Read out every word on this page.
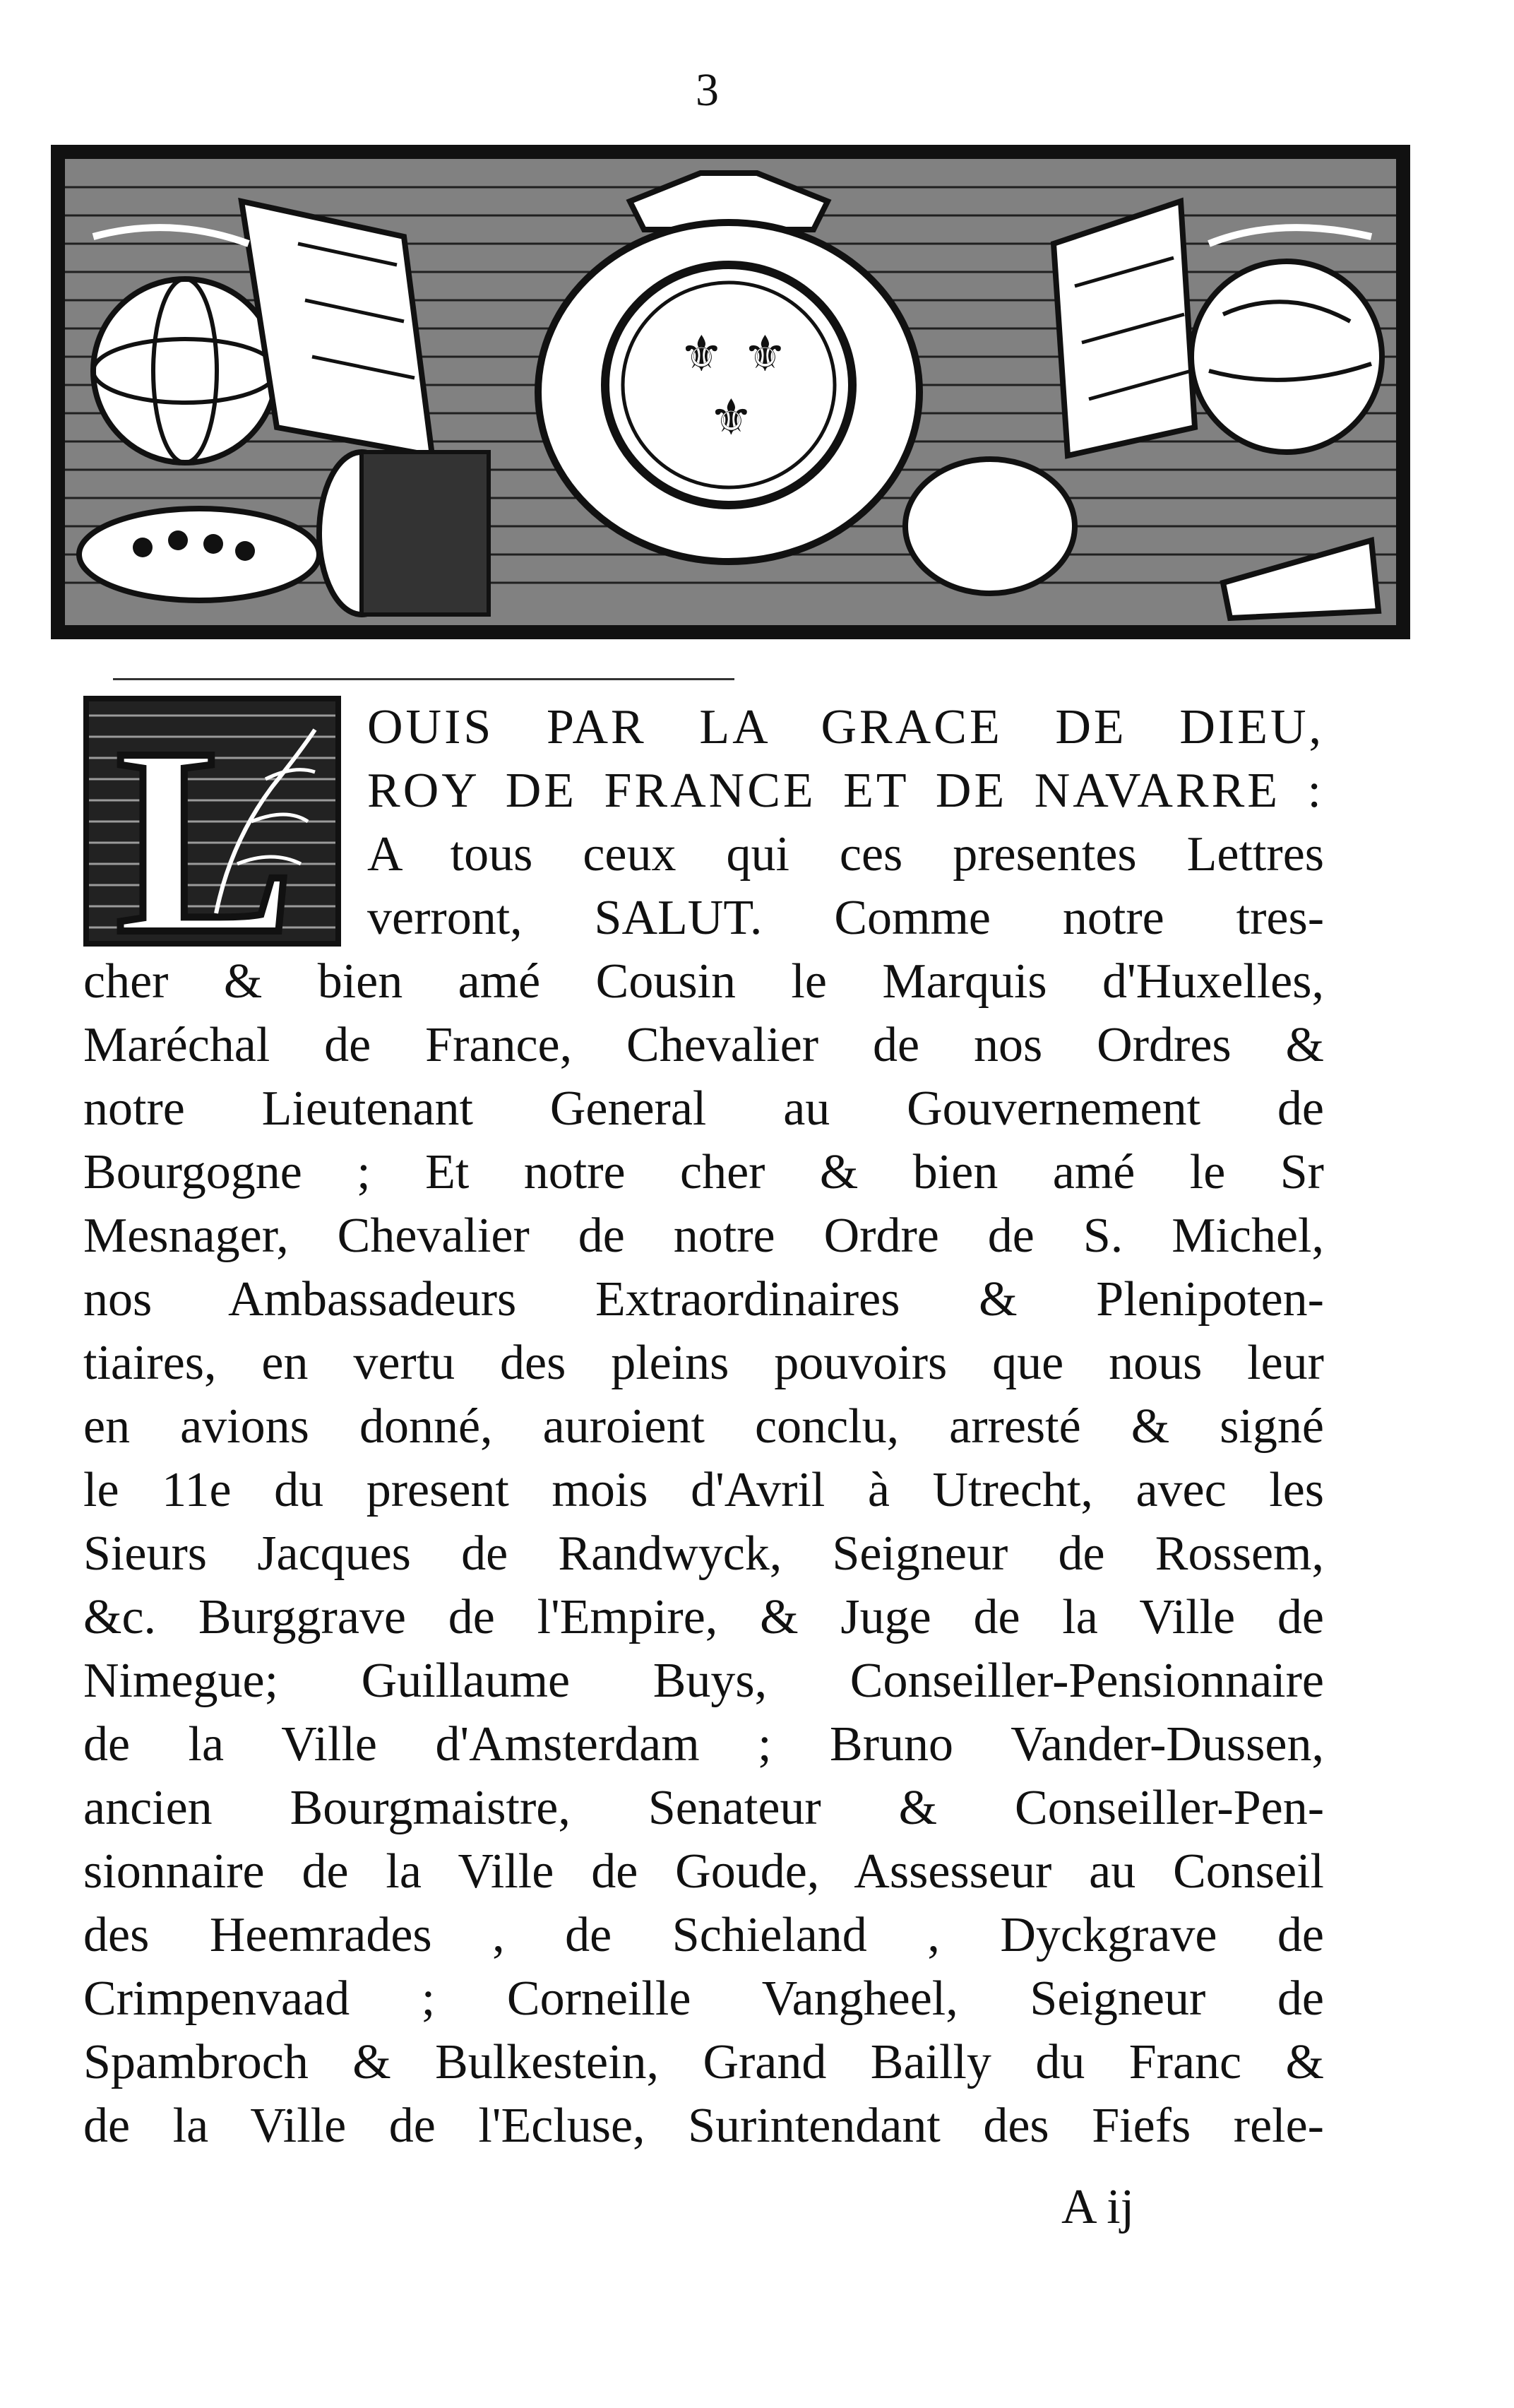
3
⚜ ⚜
⚜
L OUIS PAR LA GRACE DE DIEU,
ROY DE FRANCE ET DE NAVARRE :
A tous ceux qui ces presentes Lettres
verront, SALUT. Comme notre tres-
cher & bien amé Cousin le Marquis d'Huxelles,
Maréchal de France, Chevalier de nos Ordres &
notre Lieutenant General au Gouvernement de
Bourgogne ; Et notre cher & bien amé le Sr
Mesnager, Chevalier de notre Ordre de S. Michel,
nos Ambassadeurs Extraordinaires & Plenipoten-
tiaires, en vertu des pleins pouvoirs que nous leur
en avions donné, auroient conclu, arresté & signé
le 11e du present mois d'Avril à Utrecht, avec les
Sieurs Jacques de Randwyck, Seigneur de Rossem,
&c. Burggrave de l'Empire, & Juge de la Ville de
Nimegue; Guillaume Buys, Conseiller-Pensionnaire
de la Ville d'Amsterdam ; Bruno Vander-Dussen,
ancien Bourgmaistre, Senateur & Conseiller-Pen-
sionnaire de la Ville de Goude, Assesseur au Conseil
des Heemrades , de Schieland , Dyckgrave de
Crimpenvaad ; Corneille Vangheel, Seigneur de
Spambroch & Bulkestein, Grand Bailly du Franc &
de la Ville de l'Ecluse, Surintendant des Fiefs rele-
A ij
